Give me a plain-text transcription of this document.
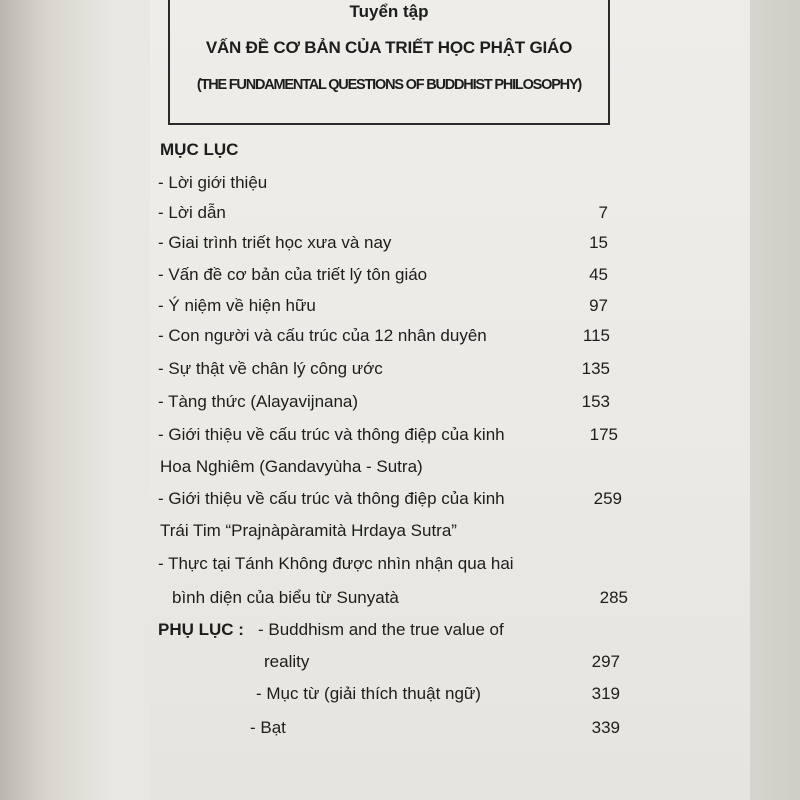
Tuyển tập
VẤN ĐỀ CƠ BẢN CỦA TRIẾT HỌC PHẬT GIÁO
(THE FUNDAMENTAL QUESTIONS OF BUDDHIST PHILOSOPHY)
MỤC LỤC
- Lời giới thiệu
- Lời dẫn	7
- Giai trình triết học xưa và nay	15
- Vấn đề cơ bản của triết lý tôn giáo	45
- Ý niệm về hiện hữu	97
- Con người và cấu trúc của 12 nhân duyên	115
- Sự thật về chân lý công ước	135
- Tàng thức (Alayavijnana)	153
- Giới thiệu về cấu trúc và thông điệp của kinh	175
Hoa Nghiêm (Gandavyùha - Sutra)
- Giới thiệu về cấu trúc và thông điệp của kinh	259
Trái Tim “Prajnàpàramità Hrdaya Sutra”
- Thực tại Tánh Không được nhìn nhận qua hai
bình diện của biểu từ Sunyatà	285
PHỤ LỤC : - Buddhism and the true value of
reality	297
- Mục từ (giải thích thuật ngữ)	319
- Bạt	339
